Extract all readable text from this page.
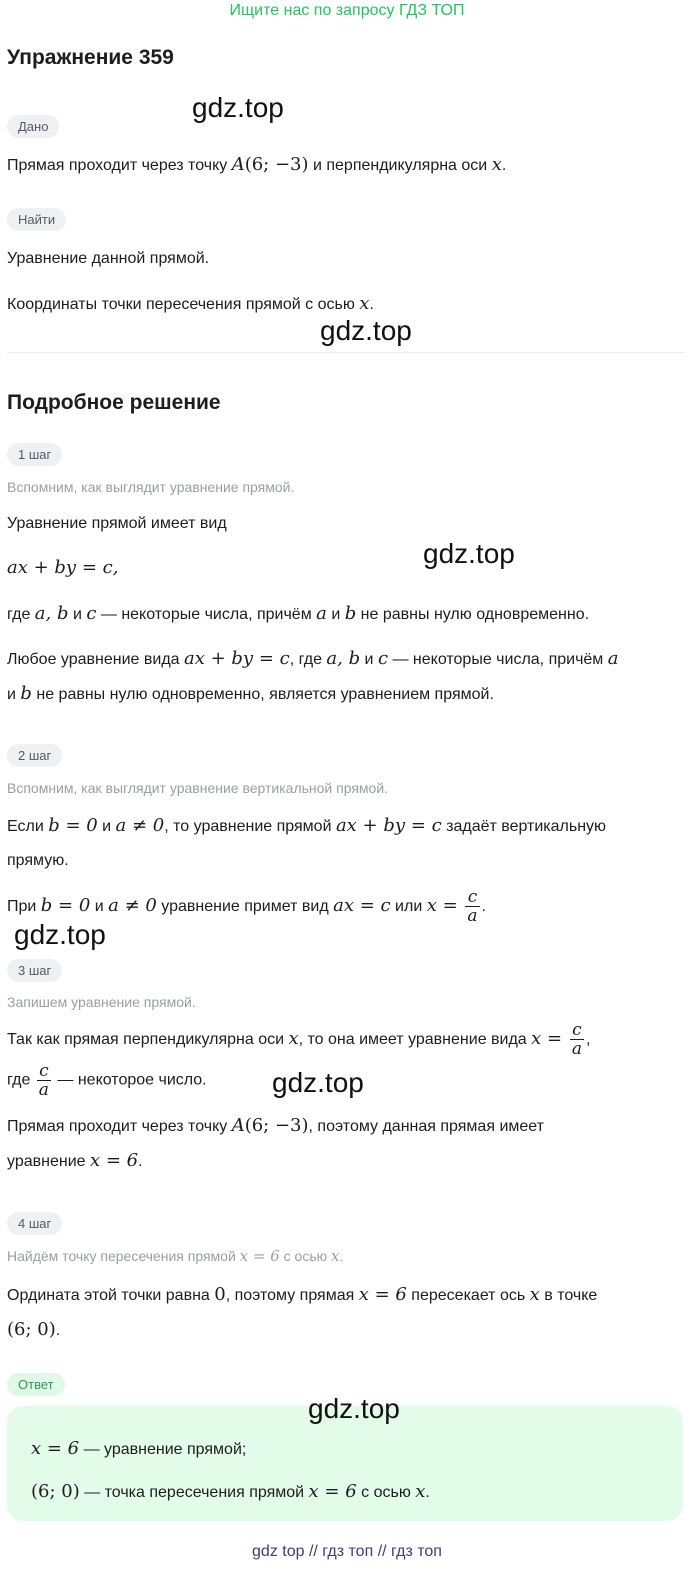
Ищите нас по запросу ГДЗ ТОП
Упражнение 359
gdz.top
Дано
Прямая проходит через точку A(6; −3) и перпендикулярна оси x.
Найти
Уравнение данной прямой.
Координаты точки пересечения прямой с осью x.
gdz.top
Подробное решение
1 шаг
Вспомним, как выглядит уравнение прямой.
Уравнение прямой имеет вид
ax + by = c,	gdz.top
где a, b и c — некоторые числа, причём a и b не равны нулю одновременно.
Любое уравнение вида ax + by = c, где a, b и c — некоторые числа, причём a
и b не равны нулю одновременно, является уравнением прямой.
2 шаг
Вспомним, как выглядит уравнение вертикальной прямой.
Если b = 0 и a ≠ 0, то уравнение прямой ax + by = c задаёт вертикальную
прямую.
При b = 0 и a ≠ 0 уравнение примет вид ax = c или $x = \frac{c}{a}$ .
gdz.top
3 шаг
Запишем уравнение прямой.
Так как прямая перпендикулярна оси x, то она имеет уравнение вида $x = \frac{c}{a}$ ,
где $\frac{c}{a}$ — некоторое число.	gdz.top
Прямая проходит через точку A(6; −3), поэтому данная прямая имеет
уравнение x = 6.
4 шаг
Найдём точку пересечения прямой x = 6 с осью x.
Ордината этой точки равна 0, поэтому прямая x = 6 пересекает ось x в точке
(6; 0).
Ответ
gdz.top
x = 6 — уравнение прямой;
(6; 0) — точка пересечения прямой x = 6 с осью x.
gdz top // гдз топ // гдз топ
